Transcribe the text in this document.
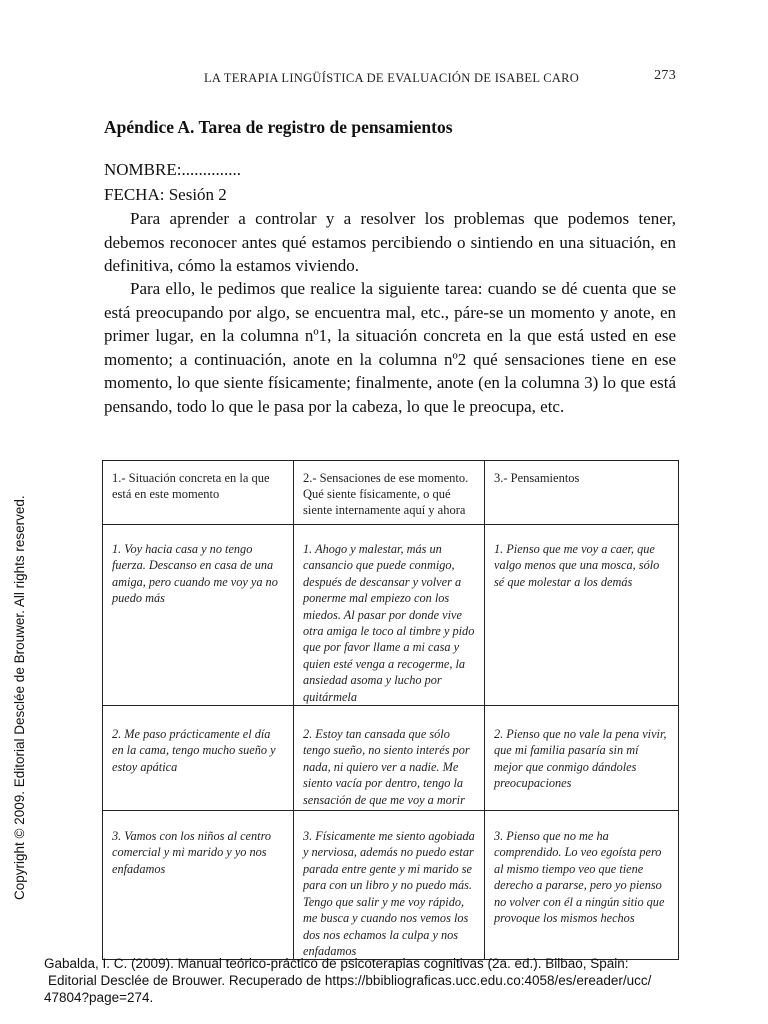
LA TERAPIA LINGÜÍSTICA DE EVALUACIÓN DE ISABEL CARO	273
Apéndice A. Tarea de registro de pensamientos
NOMBRE:..............
FECHA: Sesión 2

Para aprender a controlar y a resolver los problemas que podemos tener, debemos reconocer antes qué estamos percibiendo o sintiendo en una situación, en definitiva, cómo la estamos viviendo.

Para ello, le pedimos que realice la siguiente tarea: cuando se dé cuenta que se está preocupando por algo, se encuentra mal, etc., páre-se un momento y anote, en primer lugar, en la columna nº1, la situación concreta en la que está usted en ese momento; a continuación, anote en la columna nº2 qué sensaciones tiene en ese momento, lo que siente físicamente; finalmente, anote (en la columna 3) lo que está pensando, todo lo que le pasa por la cabeza, lo que le preocupa, etc.

1.- Situación concreta en la que está en este momento	2.- Sensaciones de ese momento. Qué siente físicamente, o qué siente internamente aquí y ahora	3.- Pensamientos

1. Voy hacia casa y no tengo fuerza. Descanso en casa de una amiga, pero cuando me voy ya no puedo más	1. Ahogo y malestar, más un cansancio que puede conmigo, después de descansar y volver a ponerme mal empiezo con los miedos. Al pasar por donde vive otra amiga le toco al timbre y pido que por favor llame a mi casa y quien esté venga a recogerme, la ansiedad asoma y lucho por quitármela	1. Pienso que me voy a caer, que valgo menos que una mosca, sólo sé que molestar a los demás

2. Me paso prácticamente el día en la cama, tengo mucho sueño y estoy apática	2. Estoy tan cansada que sólo tengo sueño, no siento interés por nada, ni quiero ver a nadie. Me siento vacía por dentro, tengo la sensación de que me voy a morir	2. Pienso que no vale la pena vivir, que mi familia pasaría sin mí mejor que conmigo dándoles preocupaciones

3. Vamos con los niños al centro comercial y mi marido y yo nos enfadamos	3. Físicamente me siento agobiada y nerviosa, además no puedo estar parada entre gente y mi marido se para con un libro y no puedo más. Tengo que salir y me voy rápido, me busca y cuando nos vemos los dos nos echamos la culpa y nos enfadamos	3. Pienso que no me ha comprendido. Lo veo egoísta pero al mismo tiempo veo que tiene derecho a pararse, pero yo pienso no volver con él a ningún sitio que provoque los mismos hechos
Copyright © 2009. Editorial Desclée de Brouwer. All rights reserved.

Gabalda, I. C. (2009). Manual teórico-práctico de psicoterapias cognitivas (2a. ed.). Bilbao, Spain:
Editorial Desclée de Brouwer. Recuperado de https://bbibliograficas.ucc.edu.co:4058/es/ereader/ucc/
47804?page=274.
